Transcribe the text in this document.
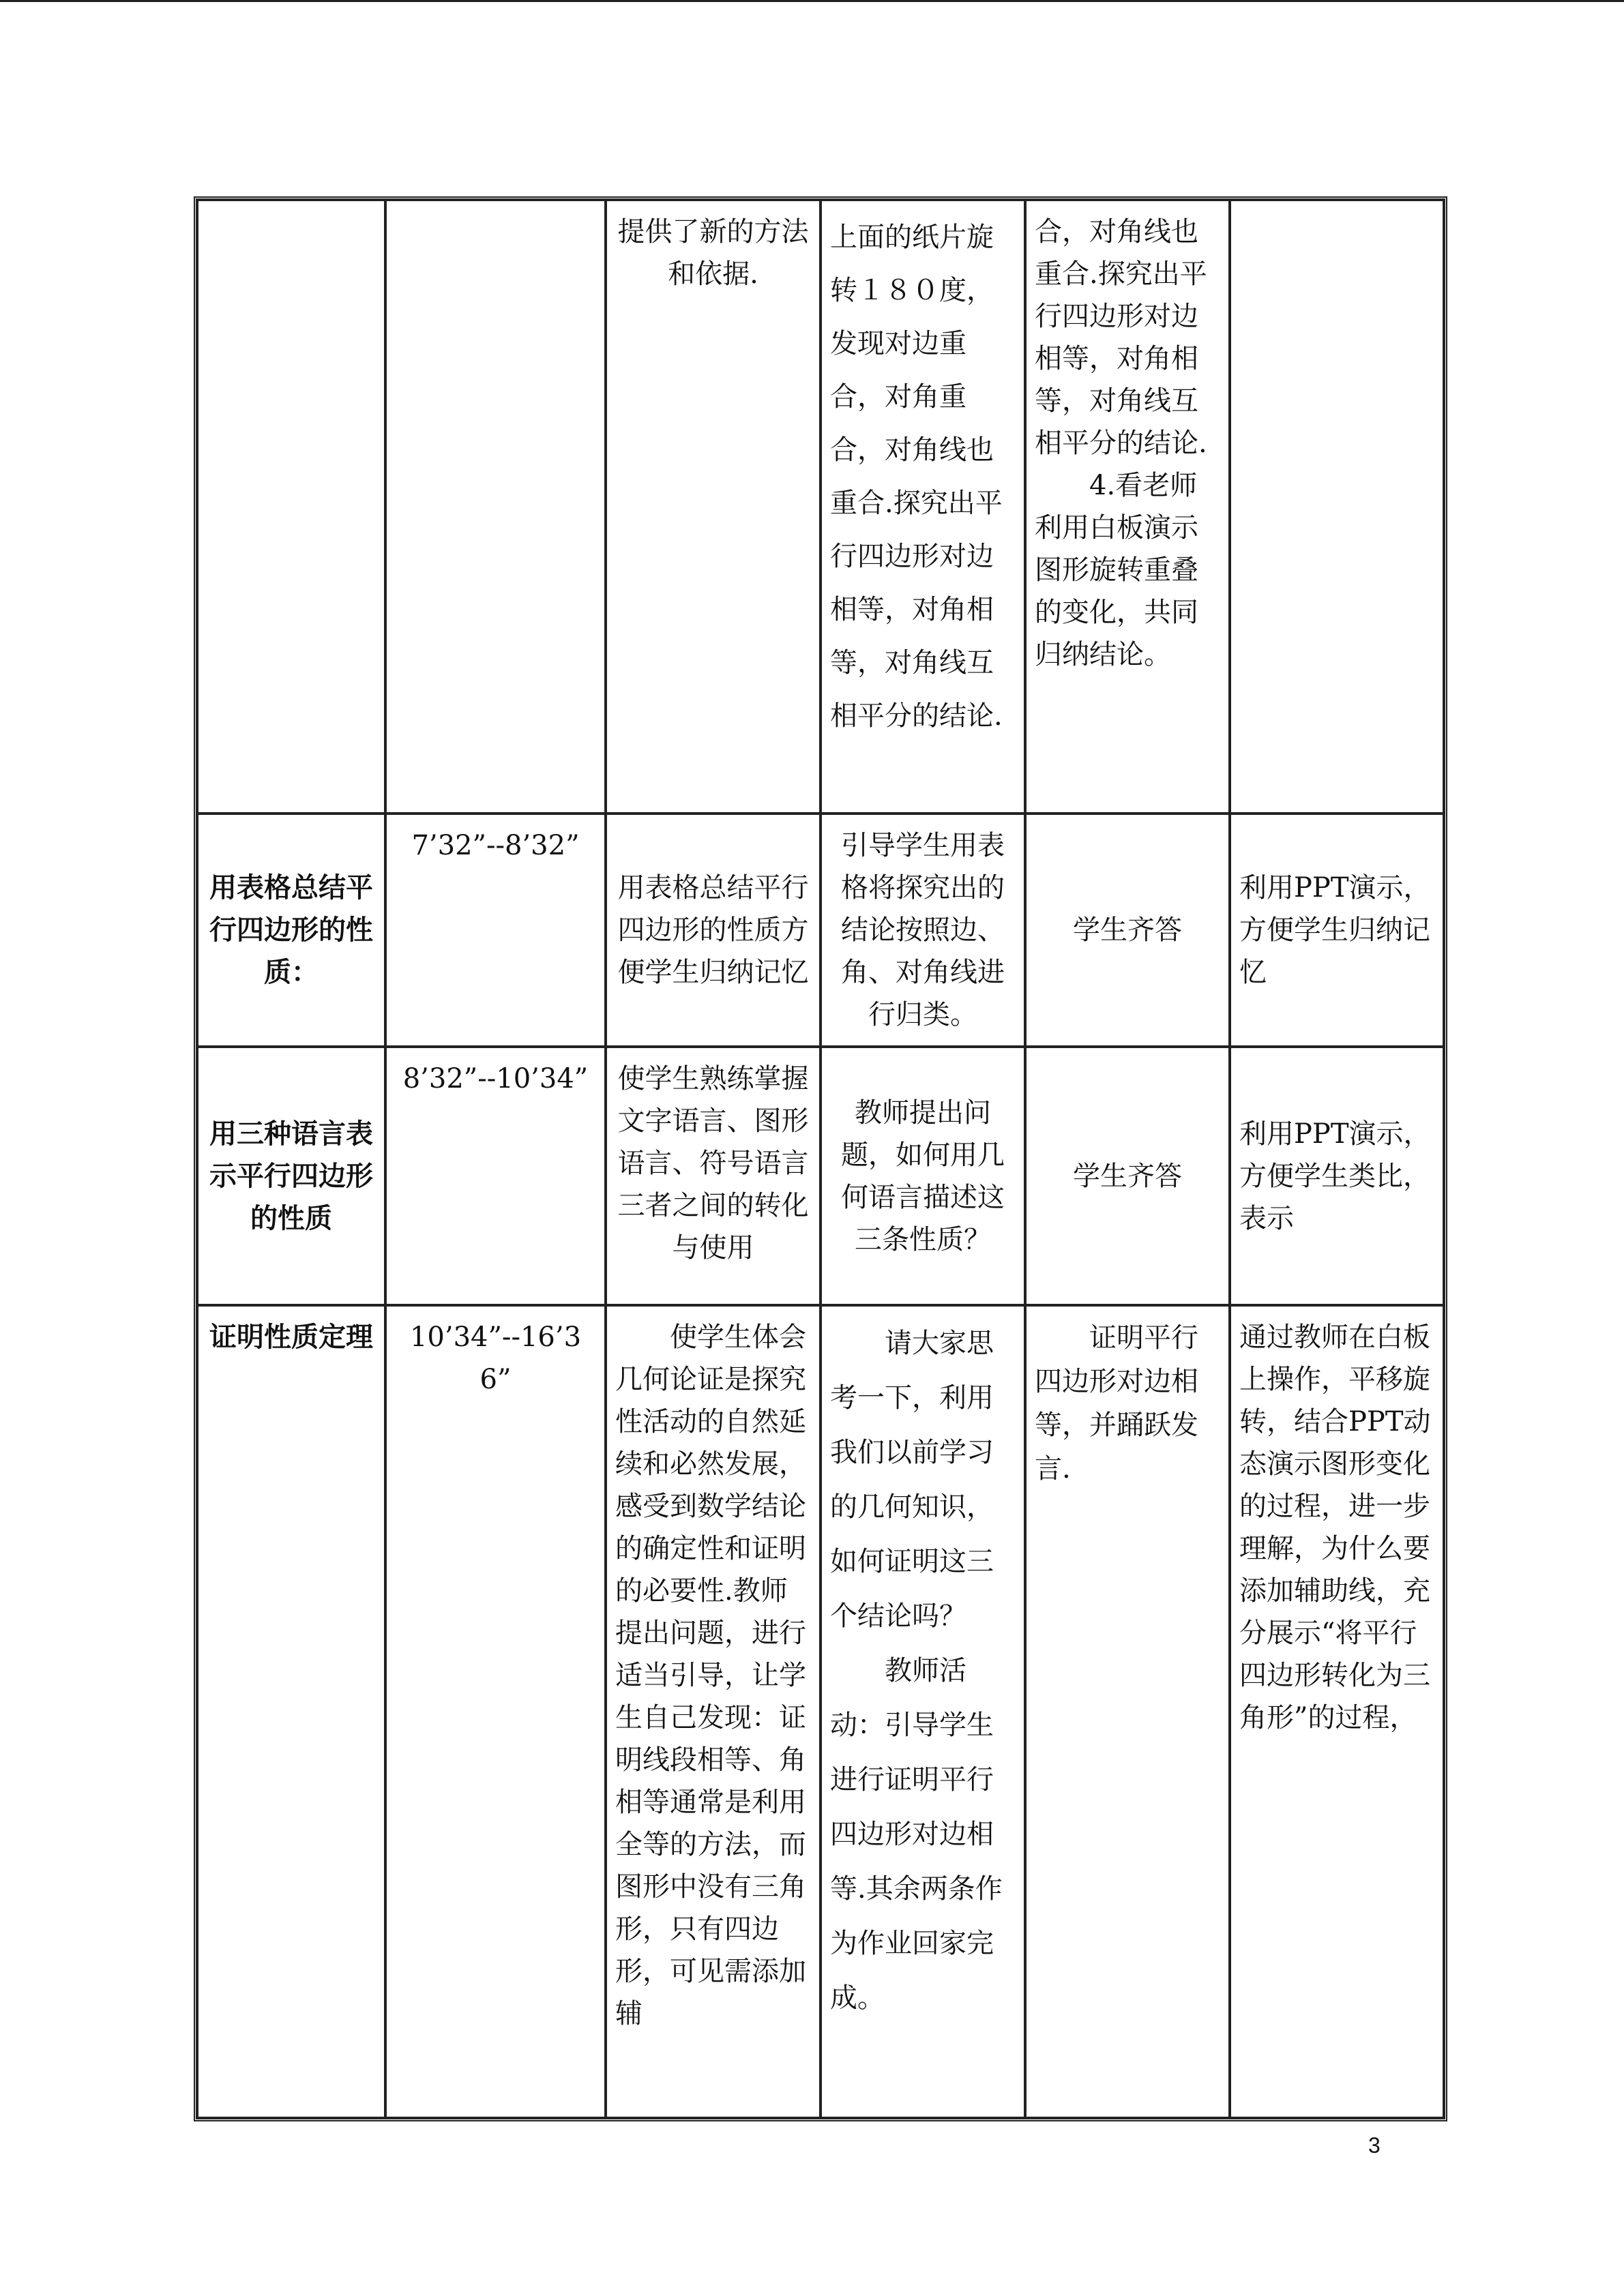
		提供了新的方法和依据.	上面的纸片旋转１８０度，发现对边重合，对角重合，对角线也重合.探究出平行四边形对边相等，对角相等，对角线互相平分的结论.	合，对角线也重合.探究出平行四边形对边相等，对角相等，对角线互相平分的结论.
4.看老师利用白板演示图形旋转重叠的变化，共同归纳结论。	

用表格总结平行四边形的性质：	7’32”--8’32”	用表格总结平行四边形的性质方便学生归纳记忆	引导学生用表格将探究出的结论按照边、角、对角线进行归类。	学生齐答	利用PPT演示，方便学生归纳记忆
用三种语言表示平行四边形的性质	8’32”--10’34”	使学生熟练掌握文字语言、图形语言、符号语言三者之间的转化与使用	教师提出问题，如何用几何语言描述这三条性质？	学生齐答	利用PPT演示，方便学生类比，表示
证明性质定理	10’34”--16’36”	使学生体会几何论证是探究性活动的自然延续和必然发展，感受到数学结论的确定性和证明的必要性.教师提出问题，进行适当引导，让学生自己发现：证明线段相等、角相等通常是利用全等的方法，而图形中没有三角形，只有四边形，可见需添加辅	请大家思考一下，利用我们以前学习的几何知识，如何证明这三个结论吗？
教师活动：引导学生进行证明平行四边形对边相等.其余两条作为作业回家完成。	证明平行四边形对边相等，并踊跃发言.	通过教师在白板上操作，平移旋转，结合PPT动态演示图形变化的过程，进一步理解，为什么要添加辅助线，充分展示“将平行四边形转化为三角形”的过程，
3
